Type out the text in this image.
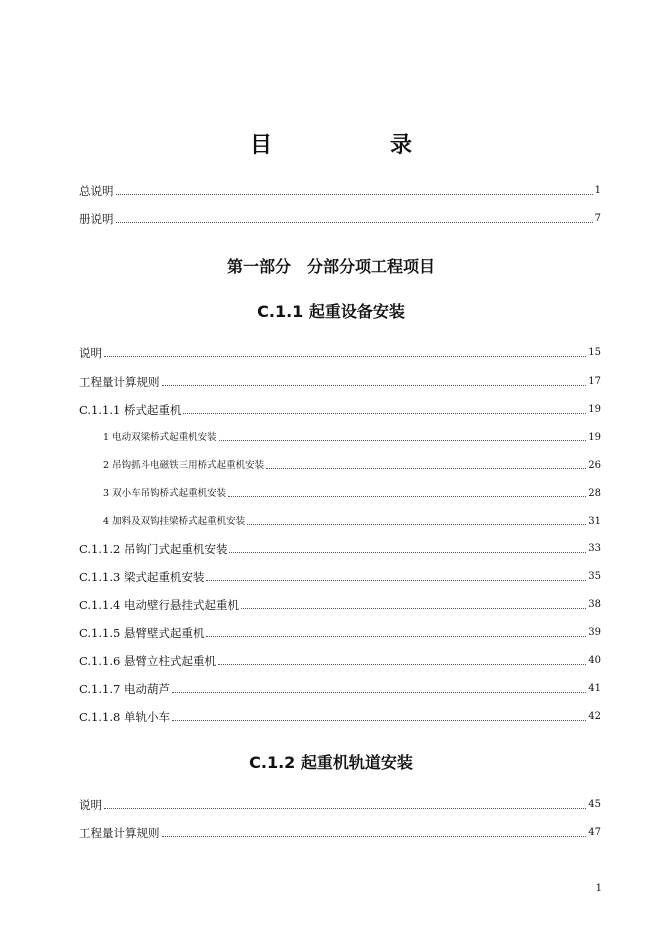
目　录
总说明	1
册说明	7
第一部分　分部分项工程项目
C.1.1 起重设备安装
说明	15
工程量计算规则	17
C.1.1.1 桥式起重机	19
1 电动双梁桥式起重机安装	19
2 吊钩抓斗电磁铁三用桥式起重机安装	26
3 双小车吊钩桥式起重机安装	28
4 加料及双钩挂梁桥式起重机安装	31
C.1.1.2 吊钩门式起重机安装	33
C.1.1.3 梁式起重机安装	35
C.1.1.4 电动壁行悬挂式起重机	38
C.1.1.5 悬臂壁式起重机	39
C.1.1.6 悬臂立柱式起重机	40
C.1.1.7 电动葫芦	41
C.1.1.8 单轨小车	42
C.1.2 起重机轨道安装
说明	45
工程量计算规则	47
1
